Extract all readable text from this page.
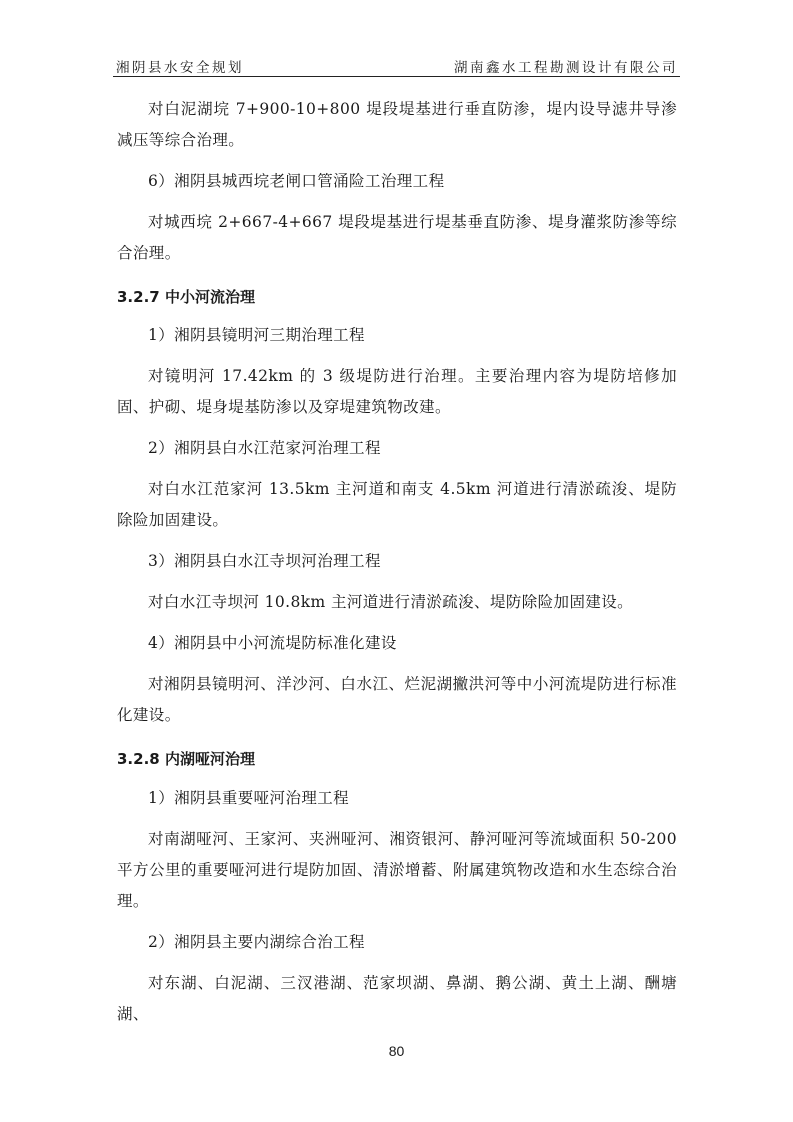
湘阴县水安全规划	湖南鑫水工程勘测设计有限公司

对白泥湖垸 7+900-10+800 堤段堤基进行垂直防渗，堤内设导滤井导渗减压等综合治理。

6）湘阴县城西垸老闸口管涌险工治理工程

对城西垸 2+667-4+667 堤段堤基进行堤基垂直防渗、堤身灌浆防渗等综合治理。

3.2.7 中小河流治理

1）湘阴县镜明河三期治理工程

对镜明河 17.42km 的 3 级堤防进行治理。主要治理内容为堤防培修加固、护砌、堤身堤基防渗以及穿堤建筑物改建。

2）湘阴县白水江范家河治理工程

对白水江范家河 13.5km 主河道和南支 4.5km 河道进行清淤疏浚、堤防除险加固建设。

3）湘阴县白水江寺坝河治理工程

对白水江寺坝河 10.8km 主河道进行清淤疏浚、堤防除险加固建设。

4）湘阴县中小河流堤防标准化建设

对湘阴县镜明河、洋沙河、白水江、烂泥湖撇洪河等中小河流堤防进行标准化建设。

3.2.8 内湖哑河治理

1）湘阴县重要哑河治理工程

对南湖哑河、王家河、夹洲哑河、湘资银河、静河哑河等流域面积 50-200 平方公里的重要哑河进行堤防加固、清淤增蓄、附属建筑物改造和水生态综合治理。

2）湘阴县主要内湖综合治工程

对东湖、白泥湖、三汊港湖、范家坝湖、鼻湖、鹅公湖、黄土上湖、酬塘湖、

80
